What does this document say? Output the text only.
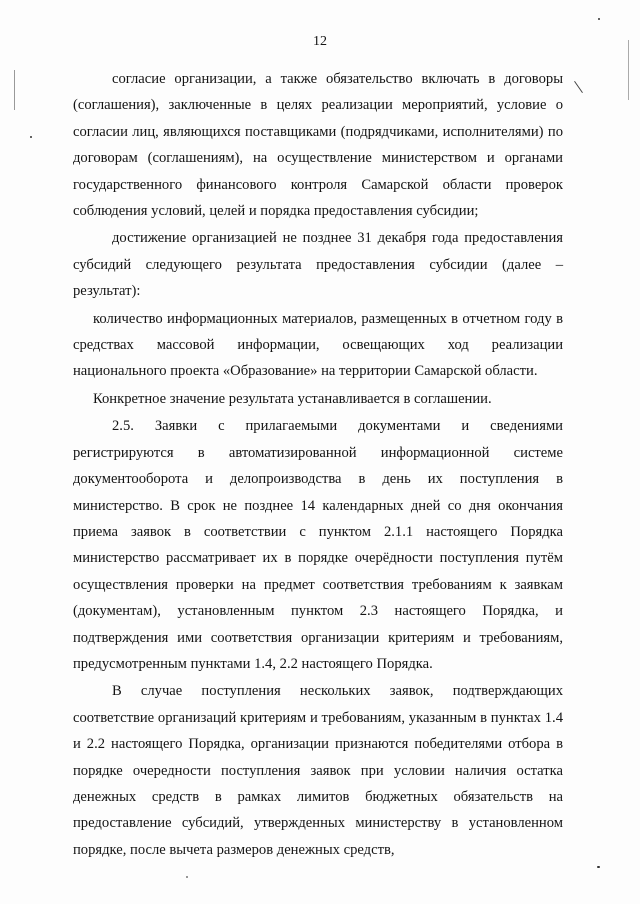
12

согласие организации, а также обязательство включать в договоры (соглашения), заключенные в целях реализации мероприятий, условие о согласии лиц, являющихся поставщиками (подрядчиками, исполнителями) по договорам (соглашениям), на осуществление министерством и органами государственного финансового контроля Самарской области проверок соблюдения условий, целей и порядка предоставления субсидии;

достижение организацией не позднее 31 декабря года предоставления субсидий следующего результата предоставления субсидии (далее – результат):

количество информационных материалов, размещенных в отчетном году в средствах массовой информации, освещающих ход реализации национального проекта «Образование» на территории Самарской области.

Конкретное значение результата устанавливается в соглашении.

2.5. Заявки с прилагаемыми документами и сведениями регистрируются в автоматизированной информационной системе документооборота и делопроизводства в день их поступления в министерство. В срок не позднее 14 календарных дней со дня окончания приема заявок в соответствии с пунктом 2.1.1 настоящего Порядка министерство рассматривает их в порядке очерёдности поступления путём осуществления проверки на предмет соответствия требованиям к заявкам (документам), установленным пунктом 2.3 настоящего Порядка, и подтверждения ими соответствия организации критериям и требованиям, предусмотренным пунктами 1.4, 2.2 настоящего Порядка.

В случае поступления нескольких заявок, подтверждающих соответствие организаций критериям и требованиям, указанным в пунктах 1.4 и 2.2 настоящего Порядка, организации признаются победителями отбора в порядке очередности поступления заявок при условии наличия остатка денежных средств в рамках лимитов бюджетных обязательств на предоставление субсидий, утвержденных министерству в установленном порядке, после вычета размеров денежных средств,
